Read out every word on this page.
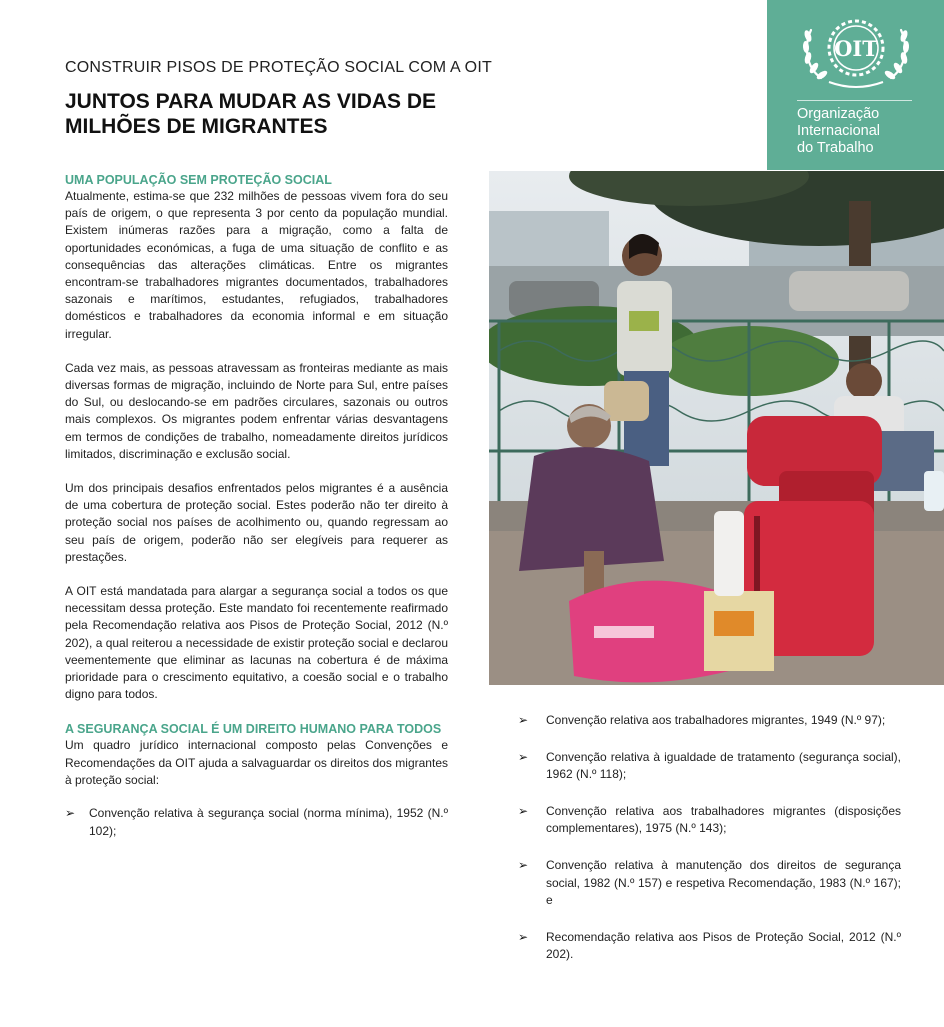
OIT
Organização
Internacional
do Trabalho
CONSTRUIR PISOS DE PROTEÇÃO SOCIAL COM A OIT
JUNTOS PARA MUDAR AS VIDAS DE
MILHÕES DE MIGRANTES
UMA POPULAÇÃO SEM PROTEÇÃO SOCIAL

Atualmente, estima-se que 232 milhões de pessoas vivem fora do seu país de origem, o que representa 3 por cento da população mundial. Existem inúmeras razões para a migração, como a falta de oportunidades económicas, a fuga de uma situação de conflito e as consequências das alterações climáticas. Entre os migrantes encontram-se trabalhadores migrantes documentados, trabalhadores sazonais e marítimos, estudantes, refugiados, trabalhadores domésticos e trabalhadores da economia informal e em situação irregular.

Cada vez mais, as pessoas atravessam as fronteiras mediante as mais diversas formas de migração, incluindo de Norte para Sul, entre países do Sul, ou deslocando-se em padrões circulares, sazonais ou outros mais complexos. Os migrantes podem enfrentar várias desvantagens em termos de condições de trabalho, nomeadamente direitos jurídicos limitados, discriminação e exclusão social.

Um dos principais desafios enfrentados pelos migrantes é a ausência de uma cobertura de proteção social. Estes poderão não ter direito à proteção social nos países de acolhimento ou, quando regressam ao seu país de origem, poderão não ser elegíveis para requerer as prestações.

A OIT está mandatada para alargar a segurança social a todos os que necessitam dessa proteção. Este mandato foi recentemente reafirmado pela Recomendação relativa aos Pisos de Proteção Social, 2012 (N.º 202), a qual reiterou a necessidade de existir proteção social e declarou veementemente que eliminar as lacunas na cobertura é de máxima prioridade para o crescimento equitativo, a coesão social e o trabalho digno para todos.

A SEGURANÇA SOCIAL É UM DIREITO HUMANO PARA TODOS

Um quadro jurídico internacional composto pelas Convenções e Recomendações da OIT ajuda a salvaguardar os direitos dos migrantes à proteção social:

➢ Convenção relativa à segurança social (norma mínima), 1952 (N.º 102);
➢ Convenção relativa aos trabalhadores migrantes, 1949 (N.º 97);
➢ Convenção relativa à igualdade de tratamento (segurança social), 1962 (N.º 118);
➢ Convenção relativa aos trabalhadores migrantes (disposições complementares), 1975 (N.º 143);
➢ Convenção relativa à manutenção dos direitos de segurança social, 1982 (N.º 157) e respetiva Recomendação, 1983 (N.º 167); e
➢ Recomendação relativa aos Pisos de Proteção Social, 2012 (N.º 202).
